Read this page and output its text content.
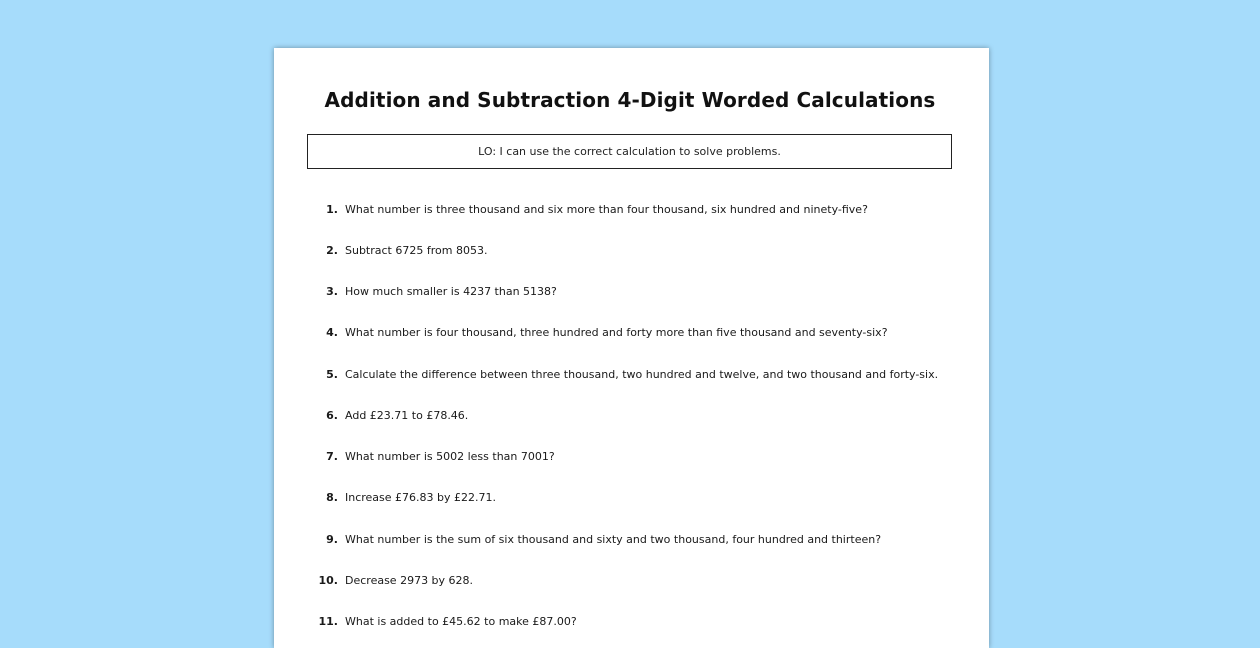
Addition and Subtraction 4-Digit Worded Calculations
LO: I can use the correct calculation to solve problems.
1. What number is three thousand and six more than four thousand, six hundred and ninety-five?
2. Subtract 6725 from 8053.
3. How much smaller is 4237 than 5138?
4. What number is four thousand, three hundred and forty more than five thousand and seventy-six?
5. Calculate the difference between three thousand, two hundred and twelve, and two thousand and forty-six.
6. Add £23.71 to £78.46.
7. What number is 5002 less than 7001?
8. Increase £76.83 by £22.71.
9. What number is the sum of six thousand and sixty and two thousand, four hundred and thirteen?
10. Decrease 2973 by 628.
11. What is added to £45.62 to make £87.00?
